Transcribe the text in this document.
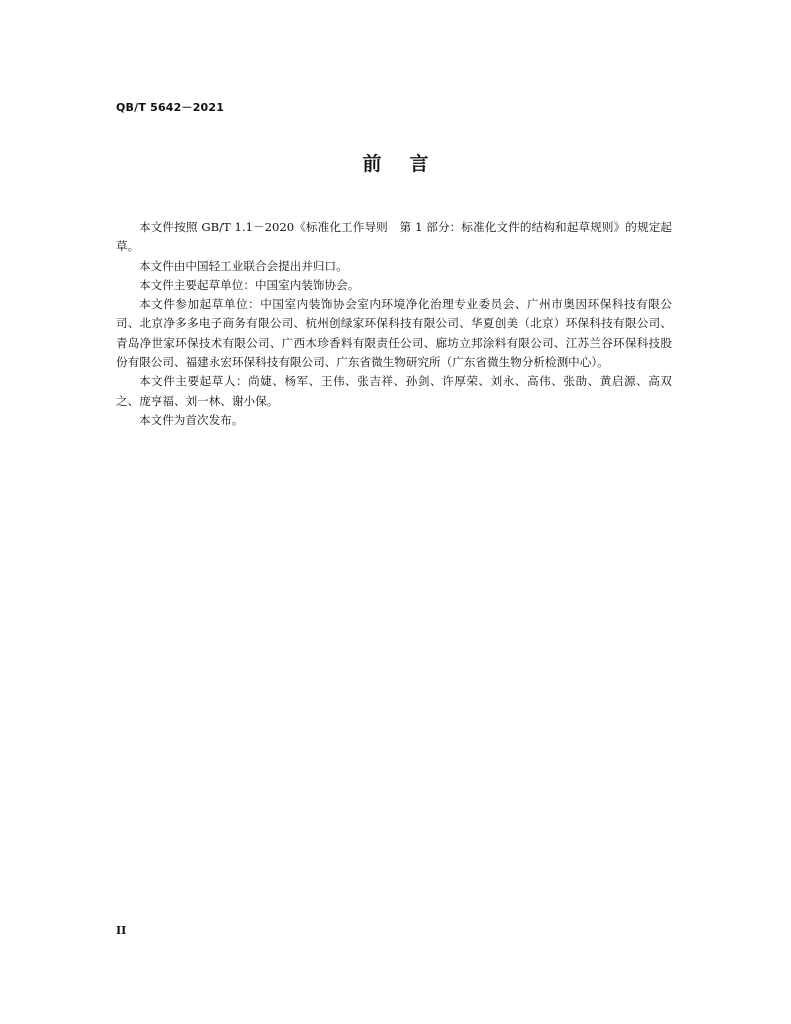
QB/T 5642－2021
前 言

本文件按照 GB/T 1.1－2020《标准化工作导则　第 1 部分：标准化文件的结构和起草规则》的规定起草。

本文件由中国轻工业联合会提出并归口。

本文件主要起草单位：中国室内装饰协会。

本文件参加起草单位：中国室内装饰协会室内环境净化治理专业委员会、广州市奥因环保科技有限公司、北京净多多电子商务有限公司、杭州创绿家环保科技有限公司、华夏创美（北京）环保科技有限公司、青岛净世家环保技术有限公司、广西木珍香料有限责任公司、廊坊立邦涂料有限公司、江苏兰谷环保科技股份有限公司、福建永宏环保科技有限公司、广东省微生物研究所（广东省微生物分析检测中心）。

本文件主要起草人：尚婕、杨军、王伟、张吉祥、孙剑、许厚荣、刘永、高伟、张劭、黄启源、高双之、庞亨福、刘一林、谢小保。

本文件为首次发布。

II
